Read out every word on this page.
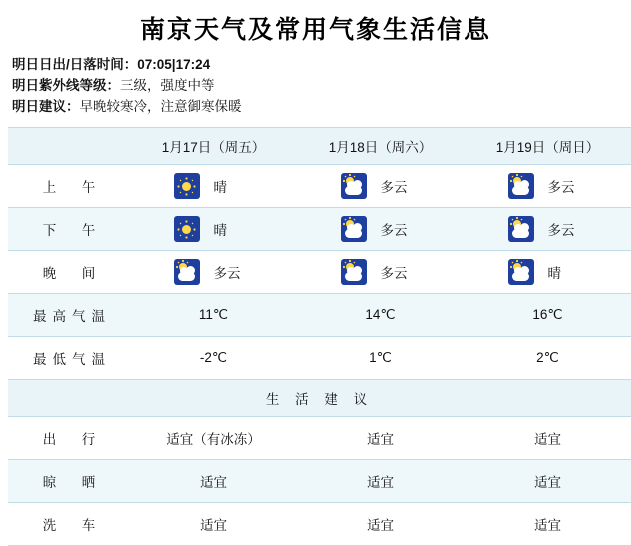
南京天气及常用气象生活信息
明日日出/日落时间：07:05|17:24
明日紫外线等级：三级，强度中等
明日建议：早晚较寒冷，注意御寒保暖
	1月17日（周五）	1月18日（周六）	1月19日（周日）
上　午	晴	多云	多云

下　午	晴	多云	多云

晚　间	多云	多云	晴

最高气温	11℃	14℃	16℃
最低气温	-2℃	1℃	2℃
生 活 建 议			
出　行	适宜（有冰冻）	适宜	适宜
晾　晒	适宜	适宜	适宜
洗　车	适宜	适宜	适宜
